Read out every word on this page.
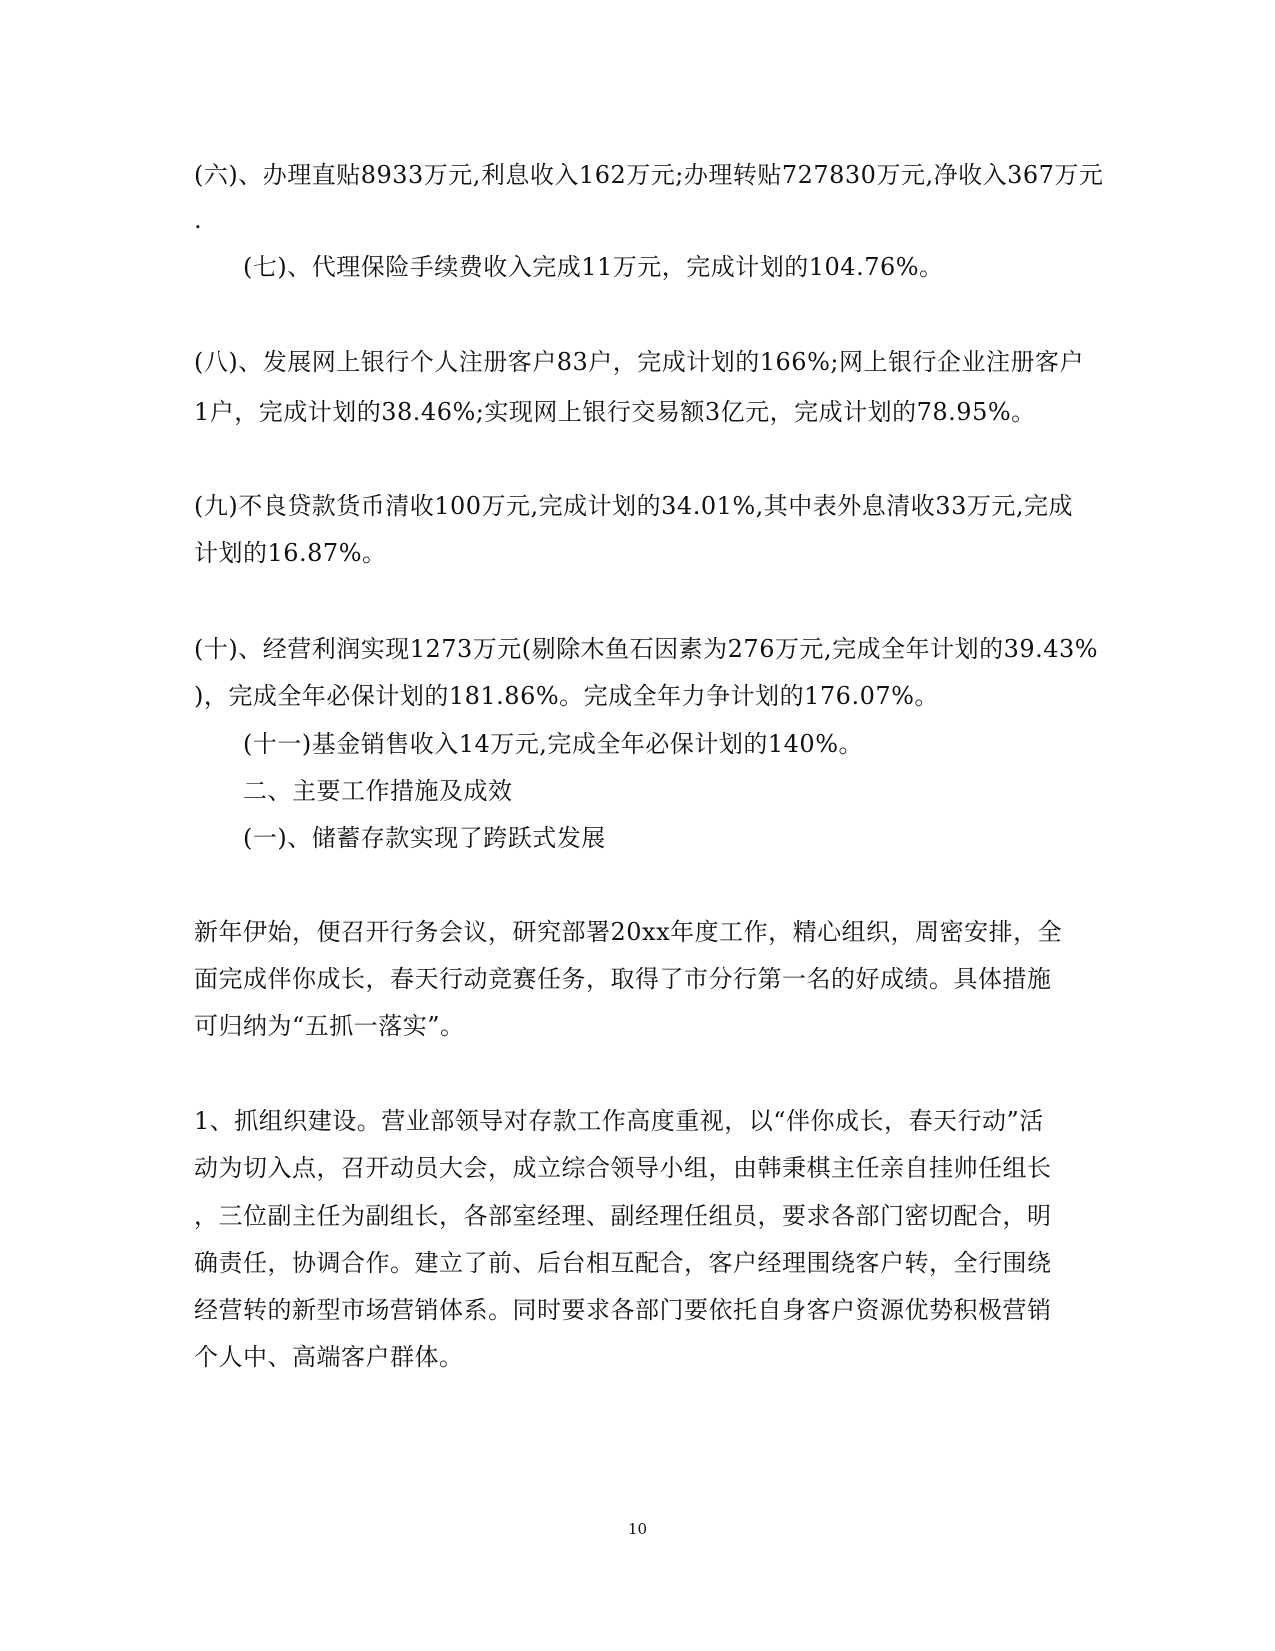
(六)、办理直贴8933万元,利息收入162万元;办理转贴727830万元,净收入367万元
.
(七)、代理保险手续费收入完成11万元，完成计划的104.76%。
(八)、发展网上银行个人注册客户83户，完成计划的166%;网上银行企业注册客户
1户，完成计划的38.46%;实现网上银行交易额3亿元，完成计划的78.95%。
(九)不良贷款货币清收100万元,完成计划的34.01%,其中表外息清收33万元,完成
计划的16.87%。
(十)、经营利润实现1273万元(剔除木鱼石因素为276万元,完成全年计划的39.43%
)，完成全年必保计划的181.86%。完成全年力争计划的176.07%。
(十一)基金销售收入14万元,完成全年必保计划的140%。
二、主要工作措施及成效
(一)、储蓄存款实现了跨跃式发展
新年伊始，便召开行务会议，研究部署20xx年度工作，精心组织，周密安排，全
面完成伴你成长，春天行动竞赛任务，取得了市分行第一名的好成绩。具体措施
可归纳为“五抓一落实”。
1、抓组织建设。营业部领导对存款工作高度重视，以“伴你成长，春天行动”活
动为切入点，召开动员大会，成立综合领导小组，由韩秉棋主任亲自挂帅任组长
，三位副主任为副组长，各部室经理、副经理任组员，要求各部门密切配合，明
确责任，协调合作。建立了前、后台相互配合，客户经理围绕客户转，全行围绕
经营转的新型市场营销体系。同时要求各部门要依托自身客户资源优势积极营销
个人中、高端客户群体。
10
